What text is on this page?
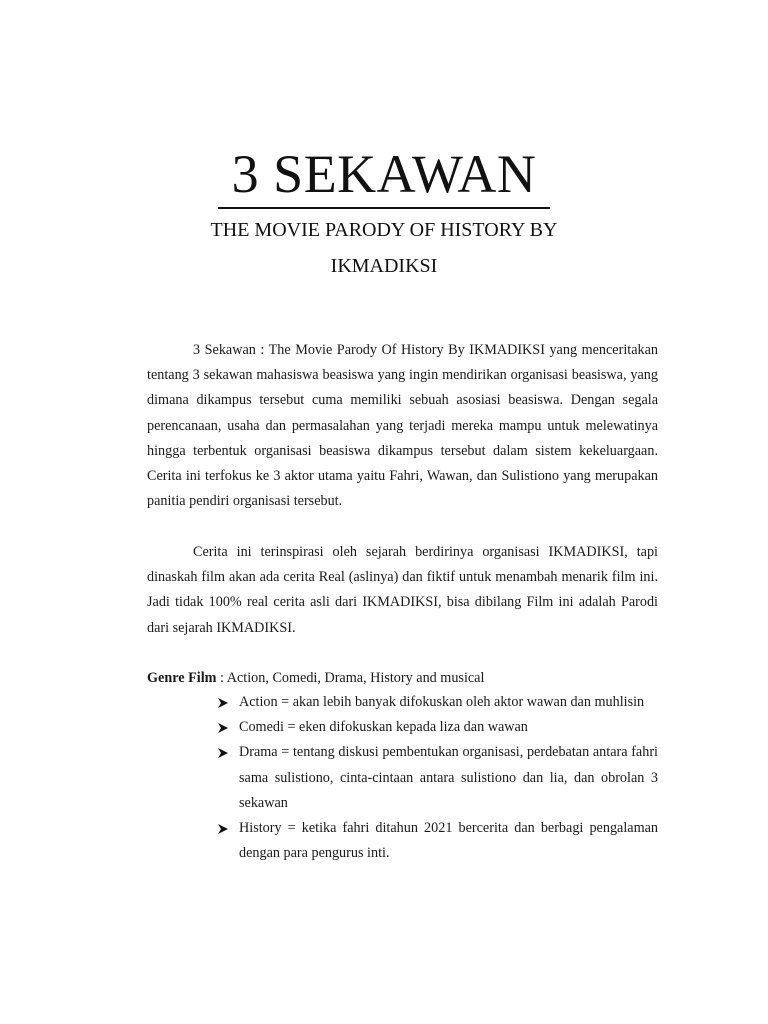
3 SEKAWAN
THE MOVIE PARODY OF HISTORY BY
IKMADIKSI

3 Sekawan : The Movie Parody Of History By IKMADIKSI yang menceritakan tentang 3 sekawan mahasiswa beasiswa yang ingin mendirikan organisasi beasiswa, yang dimana dikampus tersebut cuma memiliki sebuah asosiasi beasiswa. Dengan segala perencanaan, usaha dan permasalahan yang terjadi mereka mampu untuk melewatinya hingga terbentuk organisasi beasiswa dikampus tersebut dalam sistem kekeluargaan. Cerita ini terfokus ke 3 aktor utama yaitu Fahri, Wawan, dan Sulistiono yang merupakan panitia pendiri organisasi tersebut.

Cerita ini terinspirasi oleh sejarah berdirinya organisasi IKMADIKSI, tapi dinaskah film akan ada cerita Real (aslinya) dan fiktif untuk menambah menarik film ini. Jadi tidak 100% real cerita asli dari IKMADIKSI, bisa dibilang Film ini adalah Parodi dari sejarah IKMADIKSI.

Genre Film : Action, Comedi, Drama, History and musical
Action = akan lebih banyak difokuskan oleh aktor wawan dan muhlisin
Comedi = eken difokuskan kepada liza dan wawan
Drama = tentang diskusi pembentukan organisasi, perdebatan antara fahri sama sulistiono, cinta-cintaan antara sulistiono dan lia, dan obrolan 3 sekawan
History = ketika fahri ditahun 2021 bercerita dan berbagi pengalaman dengan para pengurus inti.
